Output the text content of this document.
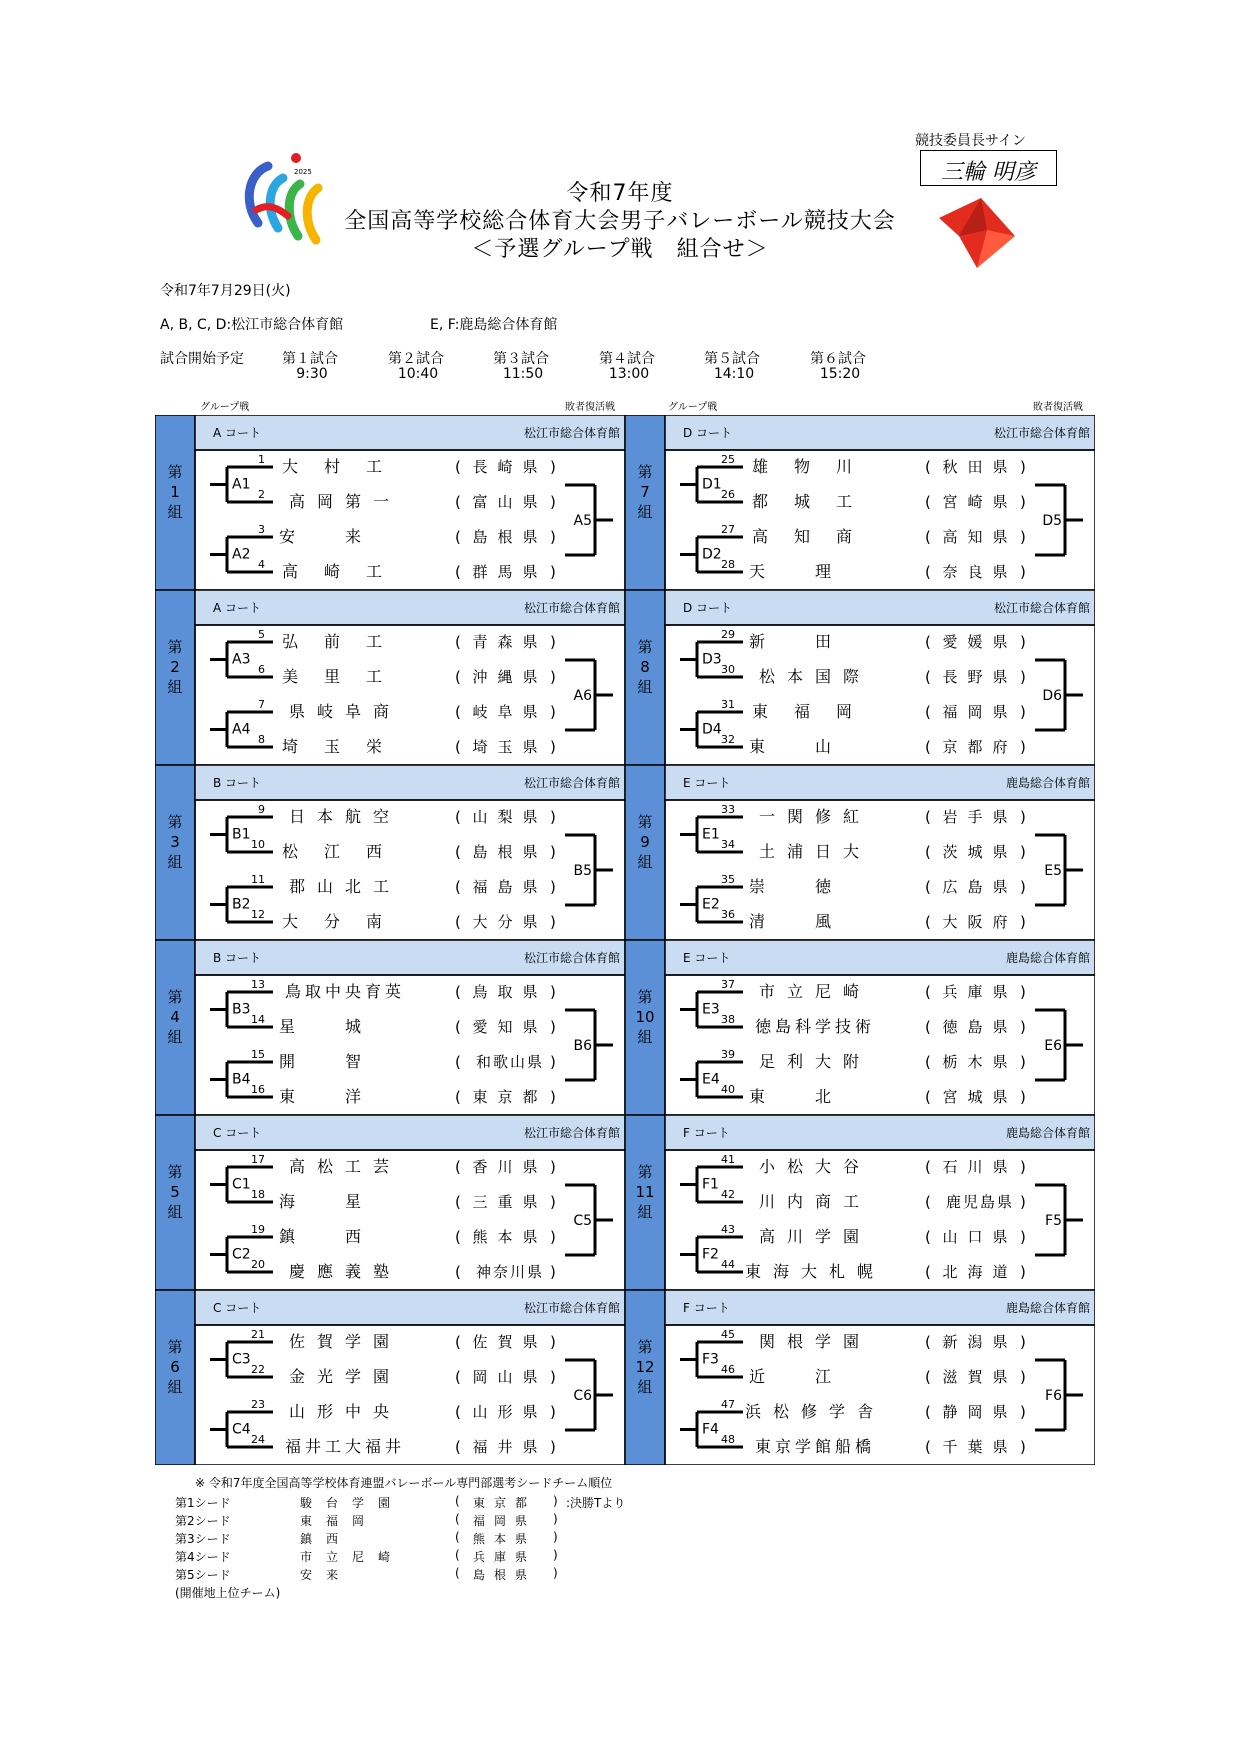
2025
令和7年度
全国高等学校総合体育大会男子バレーボール競技大会
＜予選グループ戦　組合せ＞
競技委員長サイン
三輪 明彦
令和7年7月29日(火)
A, B, C, D:松江市総合体育館	E, F:鹿島総合体育館
試合開始予定	第１試合
9:30
第２試合
10:40
第３試合
11:50
第４試合
13:00
第５試合
14:10
第６試合
15:20
グループ戦	敗者復活戦	グループ戦	敗者復活戦
第
1
組
A コート	松江市総合体育館
1 大村工	( 長崎県 )
2 高岡第一	( 富山県 )
3 安来	( 島根県 )
4 高崎工	( 群馬県 )
A1
A2
A5
第
7
組
D コート	松江市総合体育館
25 雄物川	( 秋田県 )
26 都城工	( 宮崎県 )
27 高知商	( 高知県 )
28 天理	( 奈良県 )
D1
D2
D5
第
2
組
A コート	松江市総合体育館
5 弘前工	( 青森県 )
6 美里工	( 沖縄県 )
7 県岐阜商	( 岐阜県 )
8 埼玉栄	( 埼玉県 )
A3
A4
A6
第
8
組
D コート	松江市総合体育館
29 新田	( 愛媛県 )
30 松本国際	( 長野県 )
31 東福岡	( 福岡県 )
32 東山	( 京都府 )
D3
D4
D6
第
3
組
B コート	松江市総合体育館
9 日本航空	( 山梨県 )
10 松江西	( 島根県 )
11 郡山北工	( 福島県 )
12 大分南	( 大分県 )
B1
B2
B5
第
9
組
E コート	鹿島総合体育館
33 一関修紅	( 岩手県 )
34 土浦日大	( 茨城県 )
35 崇徳	( 広島県 )
36 清風	( 大阪府 )
E1
E2
E5
第
4
組
B コート	松江市総合体育館
13 鳥取中央育英	( 鳥取県 )
14 星城	( 愛知県 )
15 開智	( 和歌山県 )
16 東洋	( 東京都 )
B3
B4
B6
第
10
組
E コート	鹿島総合体育館
37 市立尼崎	( 兵庫県 )
38 徳島科学技術	( 徳島県 )
39 足利大附	( 栃木県 )
40 東北	( 宮城県 )
E3
E4
E6
第
5
組
C コート	松江市総合体育館
17 高松工芸	( 香川県 )
18 海星	( 三重県 )
19 鎮西	( 熊本県 )
20 慶應義塾	( 神奈川県 )
C1
C2
C5
第
11
組
F コート	鹿島総合体育館
41 小松大谷	( 石川県 )
42 川内商工	( 鹿児島県 )
43 高川学園	( 山口県 )
44 東海大札幌	( 北海道 )
F1
F2
F5
第
6
組
C コート	松江市総合体育館
21 佐賀学園	( 佐賀県 )
22 金光学園	( 岡山県 )
23 山形中央	( 山形県 )
24 福井工大福井	( 福井県 )
C3
C4
C6
第
12
組
F コート	鹿島総合体育館
45 関根学園	( 新潟県 )
46 近江	( 滋賀県 )
47 浜松修学舎	( 静岡県 )
48 東京学館船橋	( 千葉県 )
F3
F4
F6
※ 令和7年度全国高等学校体育連盟バレーボール専門部選考シードチーム順位
第1シード	駿台学園	( 東京都 ) :決勝Tより
第2シード	東福岡	( 福岡県 )
第3シード	鎮西	( 熊本県 )
第4シード	市立尼崎	( 兵庫県 )
第5シード	安来	( 島根県 )
(開催地上位チーム)
